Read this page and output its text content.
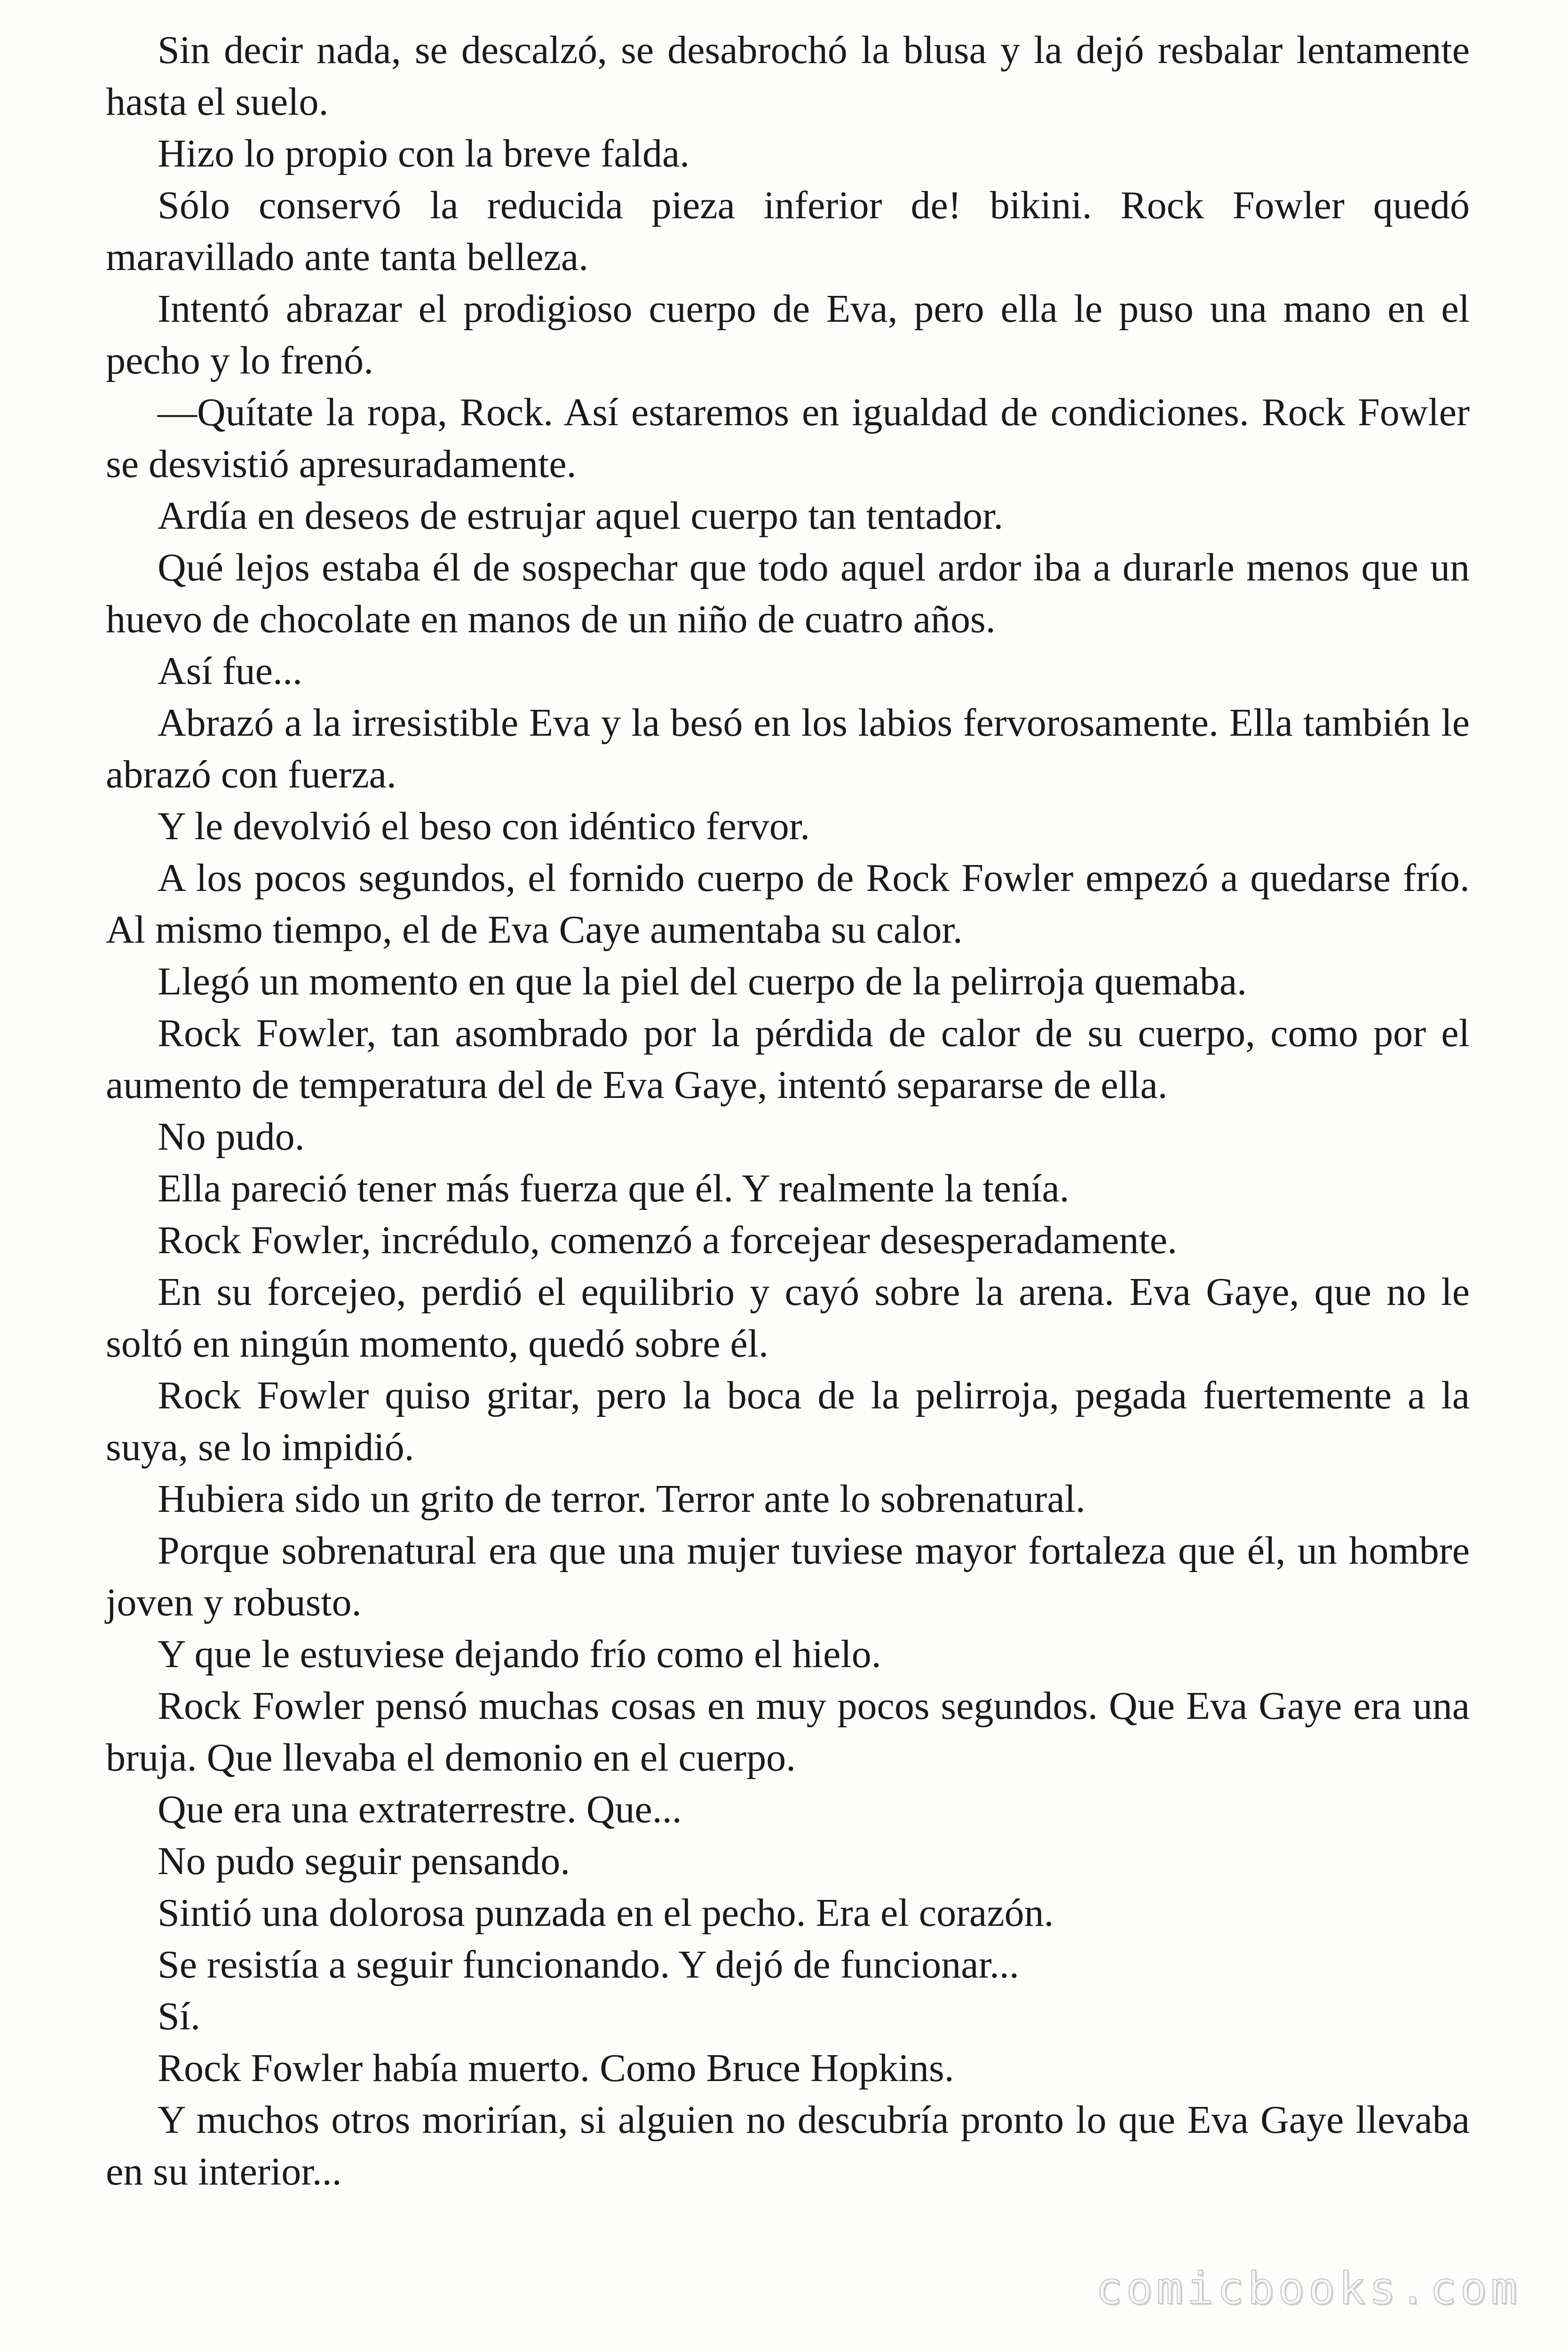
Sin decir nada, se descalzó, se desabrochó la blusa y la dejó resbalar lentamente hasta el suelo.

Hizo lo propio con la breve falda.

Sólo conservó la reducida pieza inferior de! bikini. Rock Fowler quedó maravillado ante tanta belleza.

Intentó abrazar el prodigioso cuerpo de Eva, pero ella le puso una mano en el pecho y lo frenó.

—Quítate la ropa, Rock. Así estaremos en igualdad de condiciones. Rock Fowler se desvistió apresuradamente.

Ardía en deseos de estrujar aquel cuerpo tan tentador.

Qué lejos estaba él de sospechar que todo aquel ardor iba a durarle menos que un huevo de chocolate en manos de un niño de cuatro años.

Así fue...

Abrazó a la irresistible Eva y la besó en los labios fervorosamente. Ella también le abrazó con fuerza.

Y le devolvió el beso con idéntico fervor.

A los pocos segundos, el fornido cuerpo de Rock Fowler empezó a quedarse frío. Al mismo tiempo, el de Eva Caye aumentaba su calor.

Llegó un momento en que la piel del cuerpo de la pelirroja quemaba.

Rock Fowler, tan asombrado por la pérdida de calor de su cuerpo, como por el aumento de temperatura del de Eva Gaye, intentó separarse de ella.

No pudo.

Ella pareció tener más fuerza que él. Y realmente la tenía.

Rock Fowler, incrédulo, comenzó a forcejear desesperadamente.

En su forcejeo, perdió el equilibrio y cayó sobre la arena. Eva Gaye, que no le soltó en ningún momento, quedó sobre él.

Rock Fowler quiso gritar, pero la boca de la pelirroja, pegada fuertemente a la suya, se lo impidió.

Hubiera sido un grito de terror. Terror ante lo sobrenatural.

Porque sobrenatural era que una mujer tuviese mayor fortaleza que él, un hombre joven y robusto.

Y que le estuviese dejando frío como el hielo.

Rock Fowler pensó muchas cosas en muy pocos segundos. Que Eva Gaye era una bruja. Que llevaba el demonio en el cuerpo.

Que era una extraterrestre. Que...

No pudo seguir pensando.

Sintió una dolorosa punzada en el pecho. Era el corazón.

Se resistía a seguir funcionando. Y dejó de funcionar...

Sí.

Rock Fowler había muerto. Como Bruce Hopkins.

Y muchos otros morirían, si alguien no descubría pronto lo que Eva Gaye llevaba en su interior...

comicbooks.com
